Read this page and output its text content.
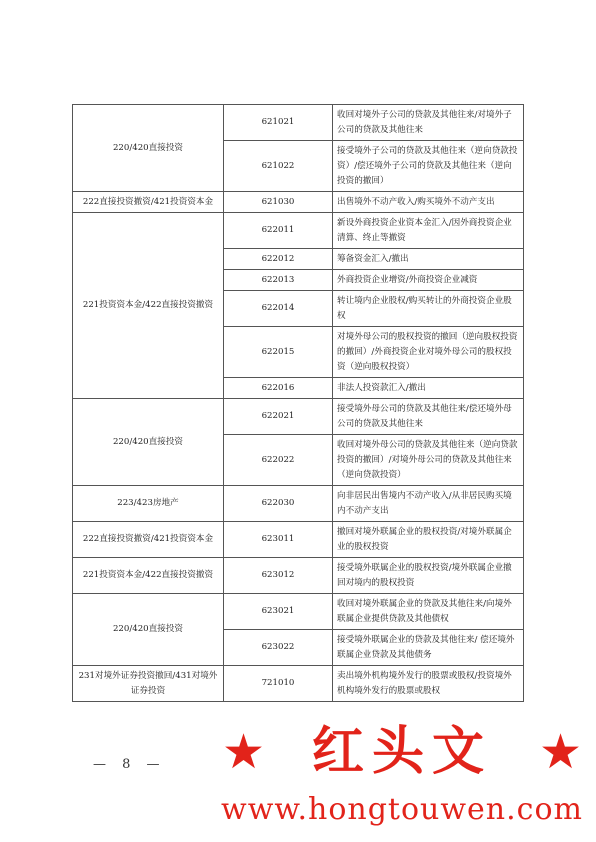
220/420直接投资	621021	收回对境外子公司的贷款及其他往来/对境外子公司的贷款及其他往来
	621022	接受境外子公司的贷款及其他往来（逆向贷款投资）/偿还境外子公司的贷款及其他往来（逆向投资的撤回）
222直接投资撤资/421投资资本金	621030	出售境外不动产收入/购买境外不动产支出
221投资资本金/422直接投资撤资	622011	新设外商投资企业资本金汇入/因外商投资企业清算、终止等撤资
	622012	筹备资金汇入/撤出
	622013	外商投资企业增资/外商投资企业减资
	622014	转让境内企业股权/购买转让的外商投资企业股权
	622015	对境外母公司的股权投资的撤回（逆向股权投资的撤回）/外商投资企业对境外母公司的股权投资（逆向股权投资）
	622016	非法人投资款汇入/撤出
220/420直接投资	622021	接受境外母公司的贷款及其他往来/偿还境外母公司的贷款及其他往来
	622022	收回对境外母公司的贷款及其他往来（逆向贷款投资的撤回）/对境外母公司的贷款及其他往来（逆向贷款投资）
223/423房地产	622030	向非居民出售境内不动产收入/从非居民购买境内不动产支出
222直接投资撤资/421投资资本金	623011	撤回对境外联属企业的股权投资/对境外联属企业的股权投资
221投资资本金/422直接投资撤资	623012	接受境外联属企业的股权投资/境外联属企业撤回对境内的股权投资
220/420直接投资	623021	收回对境外联属企业的贷款及其他往来/向境外联属企业提供贷款及其他债权
	623022	接受境外联属企业的贷款及其他往来/ 偿还境外联属企业贷款及其他债务
231对境外证券投资撤回/431对境外证券投资	721010	卖出境外机构境外发行的股票或股权/投资境外机构境外发行的股票或股权
— 8 — ★ 红头文 ★
www.hongtouwen.com
